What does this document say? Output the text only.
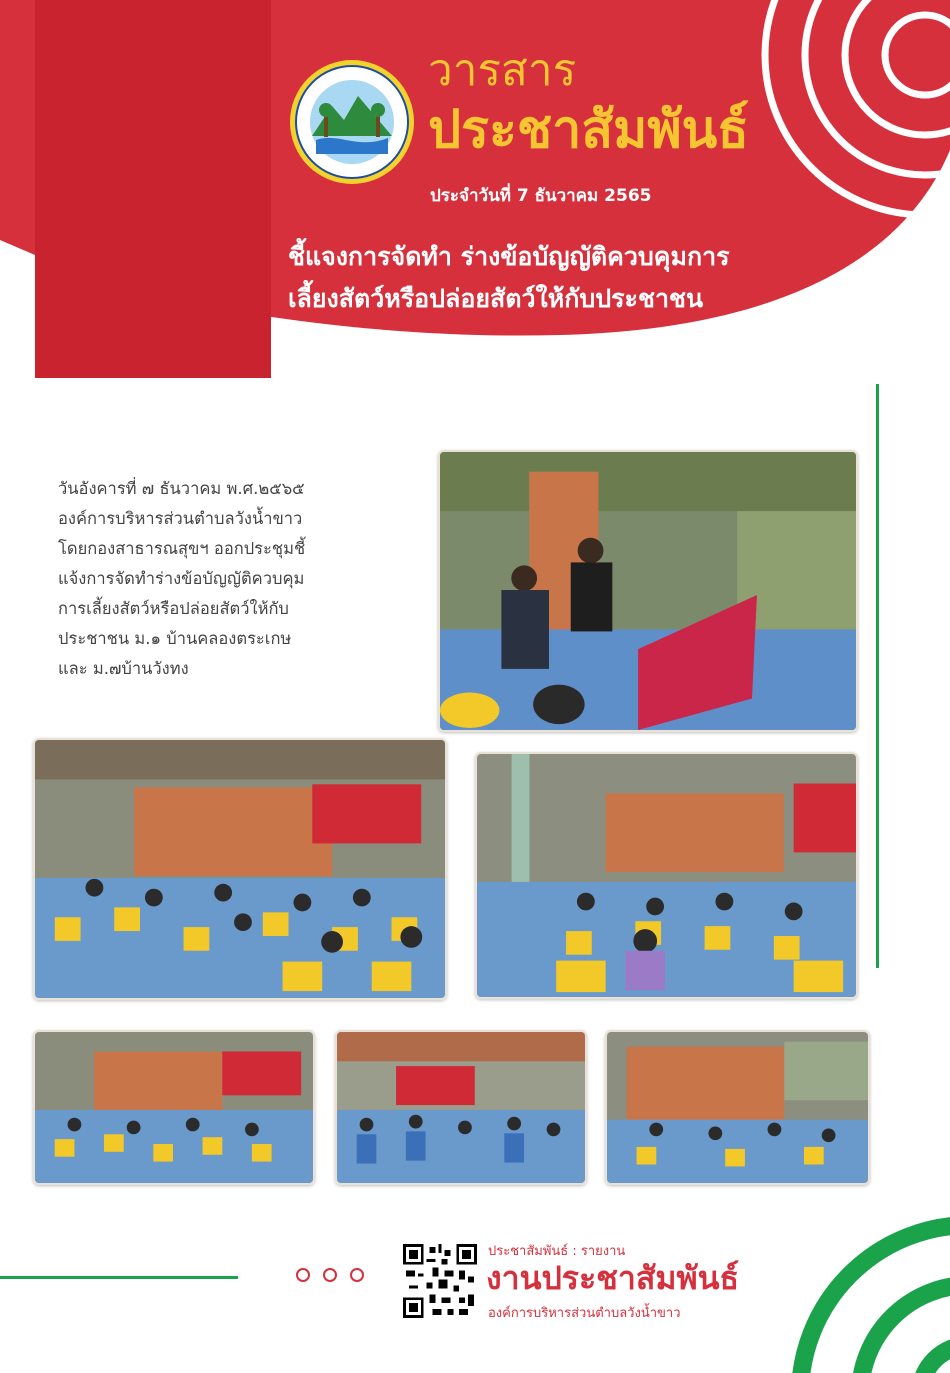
วารสาร
ประชาสัมพันธ์
ประจำวันที่ 7 ธันวาคม 2565
ชี้แจงการจัดทำ ร่างข้อบัญญัติควบคุมการ
เลี้ยงสัตว์หรือปล่อยสัตว์ให้กับประชาชน
วันอังคารที่ ๗ ธันวาคม พ.ศ.๒๕๖๕
องค์การบริหารส่วนตำบลวังน้ำขาว
โดยกองสาธารณสุขฯ ออกประชุมชี้
แจ้งการจัดทำร่างข้อบัญญัติควบคุม
การเลี้ยงสัตว์หรือปล่อยสัตว์ให้กับ
ประชาชน ม.๑ บ้านคลองตระเกษ
และ ม.๗บ้านวังทง
ประชาสัมพันธ์ : รายงาน
งานประชาสัมพันธ์
องค์การบริหารส่วนตำบลวังน้ำขาว
